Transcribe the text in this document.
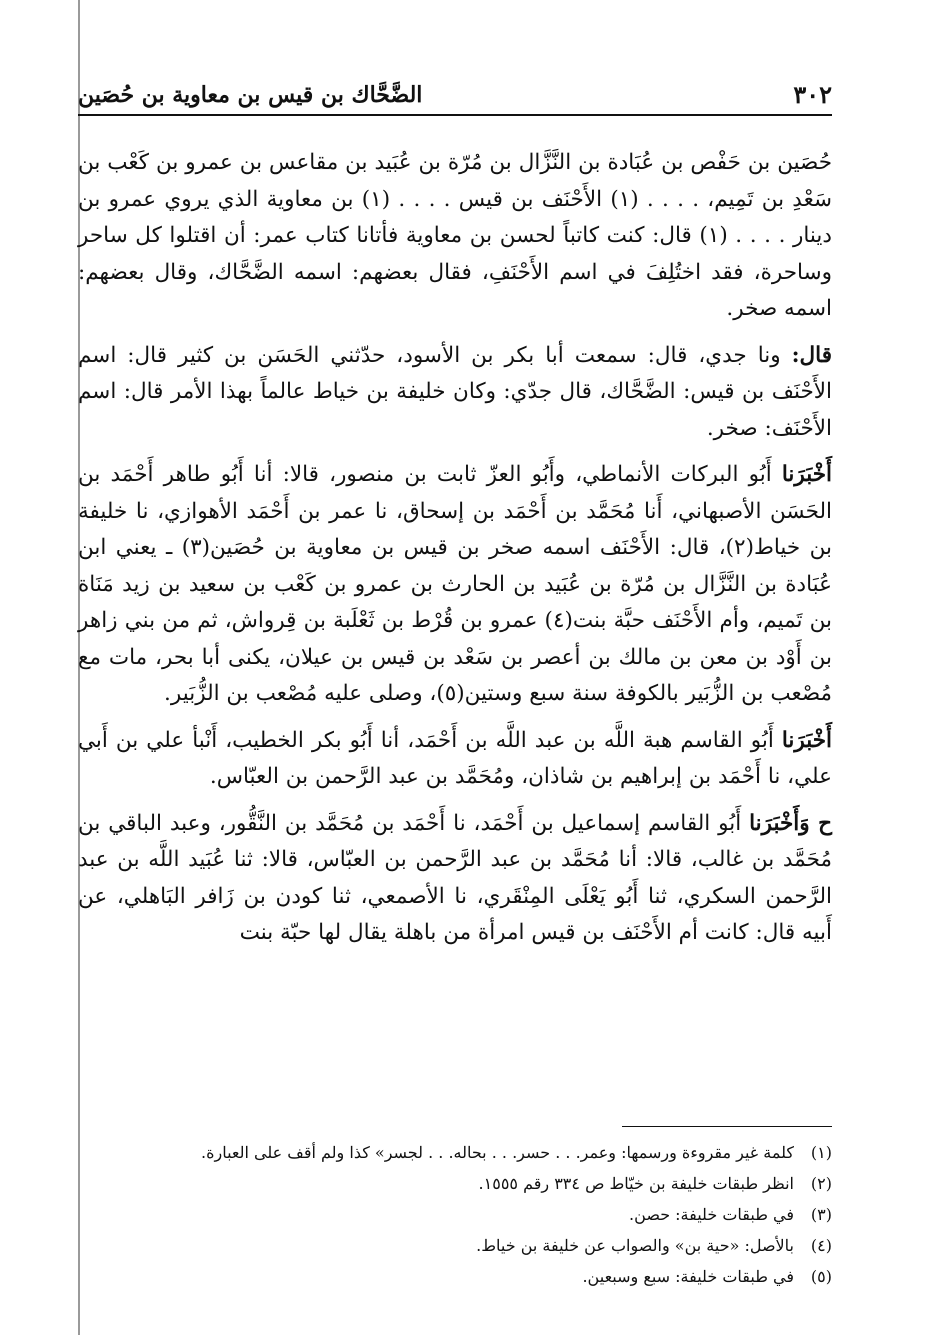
٣٠٢
الضَّحَّاك بن قيس بن معاوية بن حُصَين

حُصَين بن حَفْص بن عُبَادة بن النَّزَّال بن مُرّة بن عُبَيد بن مقاعس بن عمرو بن كَعْب بن سَعْدِ بن تَمِيم، . . . . (١) الأَحْنَف بن قيس . . . . (١) بن معاوية الذي يروي عمرو بن دينار . . . . (١) قال: كنت كاتباً لحسن بن معاوية فأتانا كتاب عمر: أن اقتلوا كل ساحر وساحرة، فقد اختُلِفَ في اسم الأَحْنَفِ، فقال بعضهم: اسمه الضَّحَّاك، وقال بعضهم: اسمه صخر.

قال: ونا جدي، قال: سمعت أبا بكر بن الأسود، حدّثني الحَسَن بن كثير قال: اسم الأَحْنَف بن قيس: الضَّحَّاك، قال جدّي: وكان خليفة بن خياط عالماً بهذا الأمر قال: اسم الأَحْنَف: صخر.

أَخْبَرَنا أَبُو البركات الأنماطي، وأَبُو العزّ ثابت بن منصور، قالا: أنا أَبُو طاهر أَحْمَد بن الحَسَن الأصبهاني، أَنا مُحَمَّد بن أَحْمَد بن إسحاق، نا عمر بن أَحْمَد الأهوازي، نا خليفة بن خياط(٢)، قال: الأَحْنَف اسمه صخر بن قيس بن معاوية بن حُصَين(٣) ـ يعني ابن عُبَادة بن النَّزَّال بن مُرّة بن عُبَيد بن الحارث بن عمرو بن كَعْب بن سعيد بن زيد مَنَاة بن تَميم، وأم الأَحْنَف حبَّة بنت(٤) عمرو بن قُرْط بن ثَعْلَبة بن قِرواش، ثم من بني زاهر بن أَوْد بن معن بن مالك بن أعصر بن سَعْد بن قيس بن عيلان، يكنى أبا بحر، مات مع مُصْعب بن الزُّبَير بالكوفة سنة سبع وستين(٥)، وصلى عليه مُصْعب بن الزُّبَير.

أَخْبَرَنا أَبُو القاسم هبة اللَّه بن عبد اللَّه بن أَحْمَد، أنا أَبُو بكر الخطيب، أَنْبأ علي بن أَبي علي، نا أَحْمَد بن إبراهيم بن شاذان، ومُحَمَّد بن عبد الرَّحمن بن العبّاس.

ح وَأَخْبَرَنا أَبُو القاسم إسماعيل بن أَحْمَد، نا أَحْمَد بن مُحَمَّد بن النَّقُّور، وعبد الباقي بن مُحَمَّد بن غالب، قالا: أنا مُحَمَّد بن عبد الرَّحمن بن العبّاس، قالا: ثنا عُبَيد اللَّه بن عبد الرَّحمن السكري، ثنا أَبُو يَعْلَى المِنْقَري، نا الأصمعي، ثنا كودن بن زَافر البَاهلي، عن أَبيه قال: كانت أم الأَحْنَف بن قيس امرأة من باهلة يقال لها حبّة بنت

(١)كلمة غير مقروءة ورسمها: وعمر. . . حسر. . . بحاله. . . لجسر» كذا ولم أقف على العبارة.
(٢)انظر طبقات خليفة بن خيّاط ص ٣٣٤ رقم ١٥٥٥.
(٣)في طبقات خليفة: حصن.
(٤)بالأصل: «حية بن» والصواب عن خليفة بن خياط.
(٥)في طبقات خليفة: سبع وسبعين.
